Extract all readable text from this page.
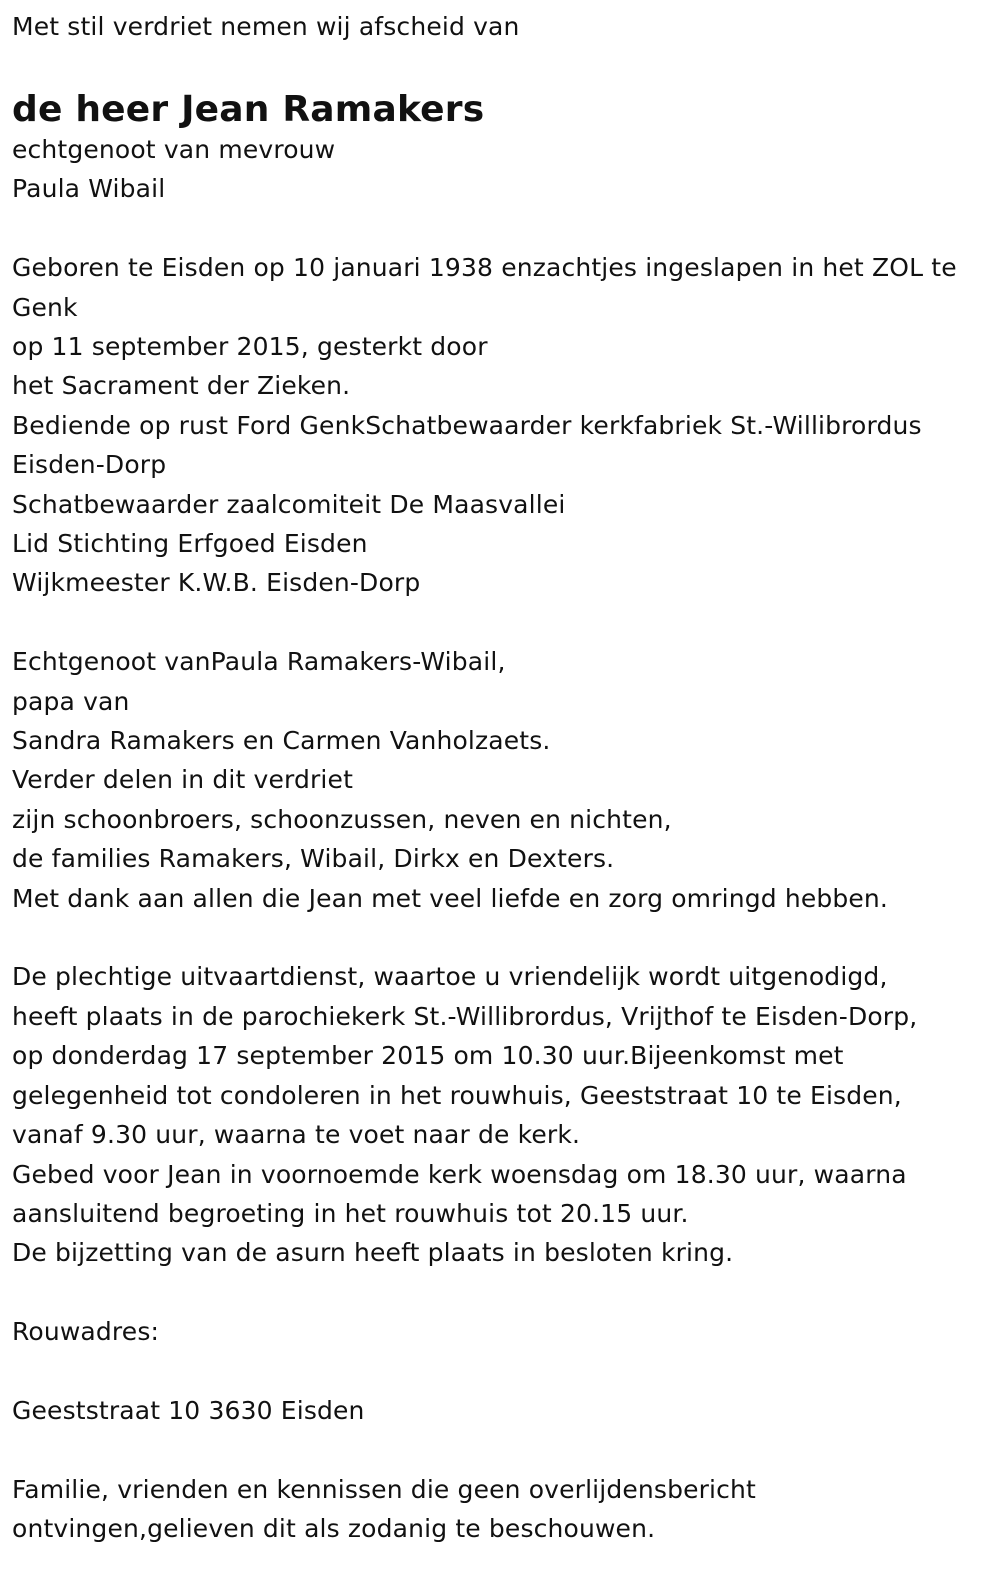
Met stil verdriet nemen wij afscheid van
de heer Jean Ramakers
echtgenoot van mevrouw
Paula Wibail
Geboren te Eisden op 10 januari 1938 enzachtjes ingeslapen in het ZOL te
Genk
op 11 september 2015, gesterkt door
het Sacrament der Zieken.
Bediende op rust Ford GenkSchatbewaarder kerkfabriek St.-Willibrordus
Eisden-Dorp
Schatbewaarder zaalcomiteit De Maasvallei
Lid Stichting Erfgoed Eisden
Wijkmeester K.W.B. Eisden-Dorp
Echtgenoot vanPaula Ramakers-Wibail,
papa van
Sandra Ramakers en Carmen Vanholzaets.
Verder delen in dit verdriet
zijn schoonbroers, schoonzussen, neven en nichten,
de families Ramakers, Wibail, Dirkx en Dexters.
Met dank aan allen die Jean met veel liefde en zorg omringd hebben.
De plechtige uitvaartdienst, waartoe u vriendelijk wordt uitgenodigd,
heeft plaats in de parochiekerk St.-Willibrordus, Vrijthof te Eisden-Dorp,
op donderdag 17 september 2015 om 10.30 uur.Bijeenkomst met
gelegenheid tot condoleren in het rouwhuis, Geeststraat 10 te Eisden,
vanaf 9.30 uur, waarna te voet naar de kerk.
Gebed voor Jean in voornoemde kerk woensdag om 18.30 uur, waarna
aansluitend begroeting in het rouwhuis tot 20.15 uur.
De bijzetting van de asurn heeft plaats in besloten kring.
Rouwadres:
Geeststraat 10 3630 Eisden
Familie, vrienden en kennissen die geen overlijdensbericht
ontvingen,gelieven dit als zodanig te beschouwen.
